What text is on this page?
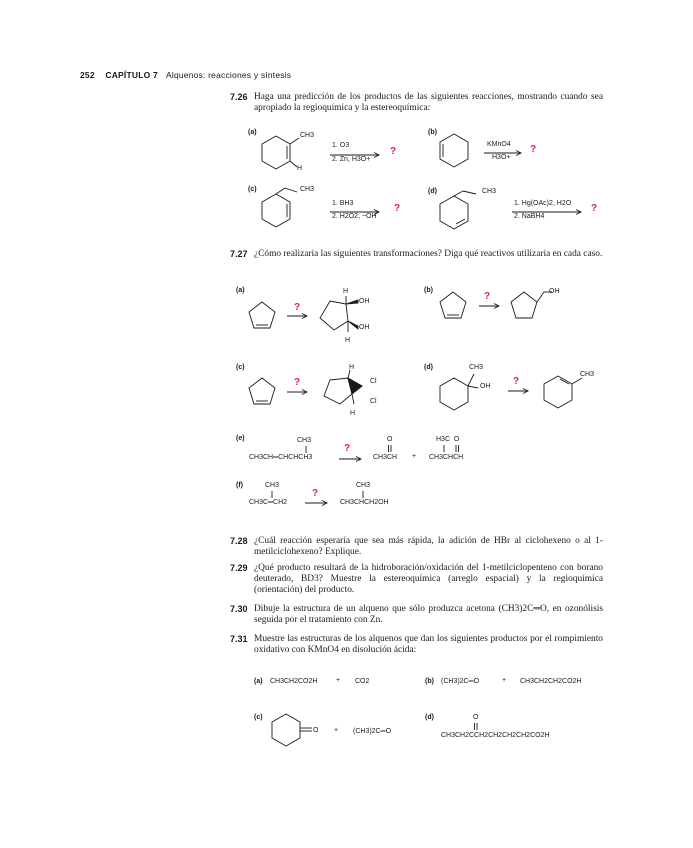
252 CAPÍTULO 7 Alquenos: reacciones y síntesis
7.26 Haga una predicción de los productos de las siguientes reacciones, mostrando cuando sea apropiado la regioquímica y la estereoquímica:
(a)	CH3
H
1. O3
2. Zn, H3O+
?
(b)
KMnO4
H3O+
?
(c)	CH3
1. BH3
2. H2O2, −OH
?
(d)	CH3
1. Hg(OAc)2, H2O
2. NaBH4
?
7.27 ¿Cómo realizaría las siguientes transformaciones? Diga qué reactivos utilizaría en cada caso.
(a)
?
H
OH
OH
H
(b)
?	OH
(c)
?
H
Cl
Cl
H
(d)	CH3
OH ?
CH3
(e)	CH3
CH3CH═CHCHCH3
?
O
CH3CH +
H3C  O
CH3CHCH
(f)	CH3
CH3C═CH2 →
?
CH3
CH3CHCH2OH
7.28 ¿Cuál reacción esperaría que sea más rápida, la adición de HBr al ciclohexeno o al 1-metilciclohexeno? Explique.
7.29 ¿Qué producto resultará de la hidroboración/oxidación del 1-metilciclopenteno con borano deuterado, BD3? Muestre la estereoquímica (arreglo espacial) y la regioquímica (orientación) del producto.
7.30 Dibuje la estructura de un alqueno que sólo produzca acetona (CH3)2C═O, en ozonólisis seguida por el tratamiento con Zn.
7.31 Muestre las estructuras de los alquenos que dan los siguientes productos por el rompimiento oxidativo con KMnO4 en disolución ácida:
(a) CH3CH2CO2H	+ CO2	(b) (CH3)2C═O	+ CH3CH2CH2CO2H
(c)
O + (CH3)2C═O
(d)	O
CH3CH2CCH2CH2CH2CH2CO2H
